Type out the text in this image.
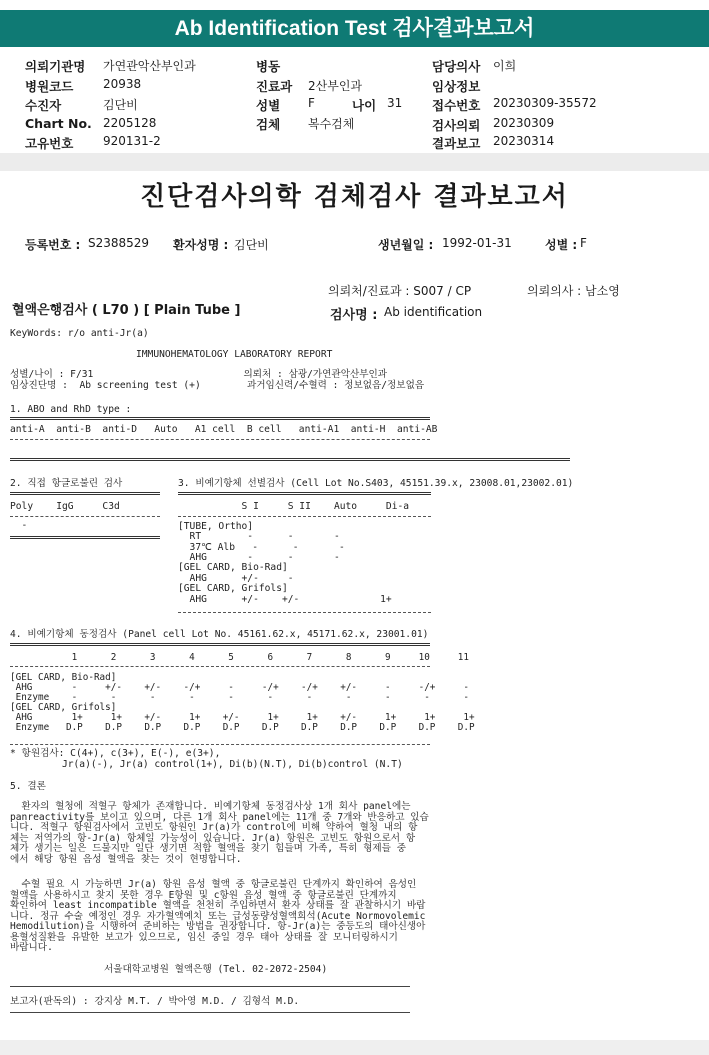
Ab Identification Test 검사결과보고서
의뢰기관명 가연관악산부인과
병원코드 20938
수진자	김단비
Chart No. 2205128
고유번호 920131-2
병동
진료과 2산부인과
성별 F	나이 31
검체 복수검체
담당의사 이희
임상정보
접수번호 20230309-35572
검사의뢰 20230309
결과보고 20230314
진단검사의학 검체검사 결과보고서
등록번호 : S2388529 환자성명 : 김단비	생년월일 : 1992-01-31	성별 : F
의뢰처/진료과 : S007 / CP	의뢰의사 : 남소영
혈액은행검사 ( L70 ) [ Plain Tube ]	검사명 : Ab identification
KeyWords: r/o anti-Jr(a)
IMMUNOHEMATOLOGY LABORATORY REPORT
성별/나이 : F/31                          의뢰처 : 삼광/가연관악산부인과
임상진단명 :  Ab screening test (+)        과거임신력/수혈력 : 정보없음/정보없음
1. ABO and RhD type :
anti-A  anti-B  anti-D   Auto   A1 cell  B cell   anti-A1  anti-H  anti-AB
2. 직접 항글로불린 검사
Poly    IgG     C3d
-
3. 비예기항체 선별검사 (Cell Lot No.S403, 45151.39.x, 23008.01,23002.01)
S I     S II    Auto     Di-a
[TUBE, Ortho]
RT        -      -       -
37℃ Alb   -      -       -
AHG       -      -       -
[GEL CARD, Bio-Rad]
AHG      +/-     -
[GEL CARD, Grifols]
AHG      +/-    +/-              1+
4. 비예기항체 동정검사 (Panel cell Lot No. 45161.62.x, 45171.62.x, 23001.01)
1      2      3      4      5      6      7      8      9     10     11
[GEL CARD, Bio-Rad]
AHG       -     +/-    +/-    -/+     -     -/+    -/+    +/-     -     -/+     -
Enzyme    -      -      -      -      -      -      -      -      -      -      -
[GEL CARD, Grifols]
AHG       1+     1+    +/-     1+    +/-     1+     1+    +/-     1+     1+     1+
Enzyme   D.P    D.P    D.P    D.P    D.P    D.P    D.P    D.P    D.P    D.P    D.P
* 항원검사: C(4+), c(3+), E(-), e(3+),
Jr(a)(-), Jr(a) control(1+), Di(b)(N.T), Di(b)control (N.T)
5. 결론
환자의 혈청에 적혈구 항체가 존재합니다. 비예기항체 동정검사상 1개 회사 panel에는
panreactivity를 보이고 있으며, 다른 1개 회사 panel에는 11개 중 7개와 반응하고 있습
니다. 적혈구 항원검사에서 고빈도 항원인 Jr(a)가 control에 비해 약하여 혈청 내의 항
체는 저역가의 항-Jr(a) 항체일 가능성이 있습니다. Jr(a) 항원은 고빈도 항원으로서 항
체가 생기는 일은 드물지만 일단 생기면 적합 혈액을 찾기 힘들며 가족, 특히 형제들 중
에서 해당 항원 음성 혈액을 찾는 것이 현명합니다.
수혈 필요 시 가능하면 Jr(a) 항원 음성 혈액 중 항글로불린 단계까지 확인하여 음성인
혈액을 사용하시고 찾지 못한 경우 E항원 및 c항원 음성 혈액 중 항글로불린 단계까지
확인하여 least incompatible 혈액을 천천히 주입하면서 환자 상태를 잘 관찰하시기 바랍
니다. 정규 수술 예정인 경우 자가혈액예치 또는 급성동량성혈액희석(Acute Normovolemic
Hemodilution)을 시행하여 준비하는 방법을 권장합니다. 항-Jr(a)는 중등도의 태아신생아
용혈성질환을 유발한 보고가 있으므로, 임신 중일 경우 태아 상태를 잘 모니터링하시기
바랍니다.
서울대학교병원 혈액은행 (Tel. 02-2072-2504)
보고자(판독의) : 강지상 M.T. / 박아영 M.D. / 김형석 M.D.
